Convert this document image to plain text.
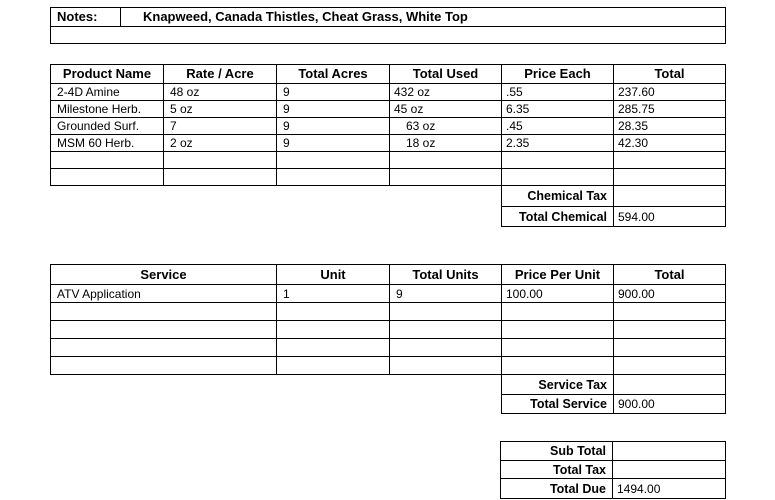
Notes:	Knapweed, Canada Thistles, Cheat Grass, White Top

Product Name	Rate / Acre	Total Acres	Total Used	Price Each	Total
2-4D Amine	48 oz	9	432 oz	.55	237.60
Milestone Herb.	5 oz	9	45 oz	6.35	285.75
Grounded Surf.	7	9	63 oz	.45	28.35
MSM 60 Herb.	2 oz	9	18 oz	2.35	42.30

				Chemical Tax	
				Total Chemical	594.00
Service	Unit	Total Units	Price Per Unit	Total
ATV Application	1	9	100.00	900.00

			Service Tax	
			Total Service	900.00
Sub Total	
Total Tax	
Total Due	1494.00
